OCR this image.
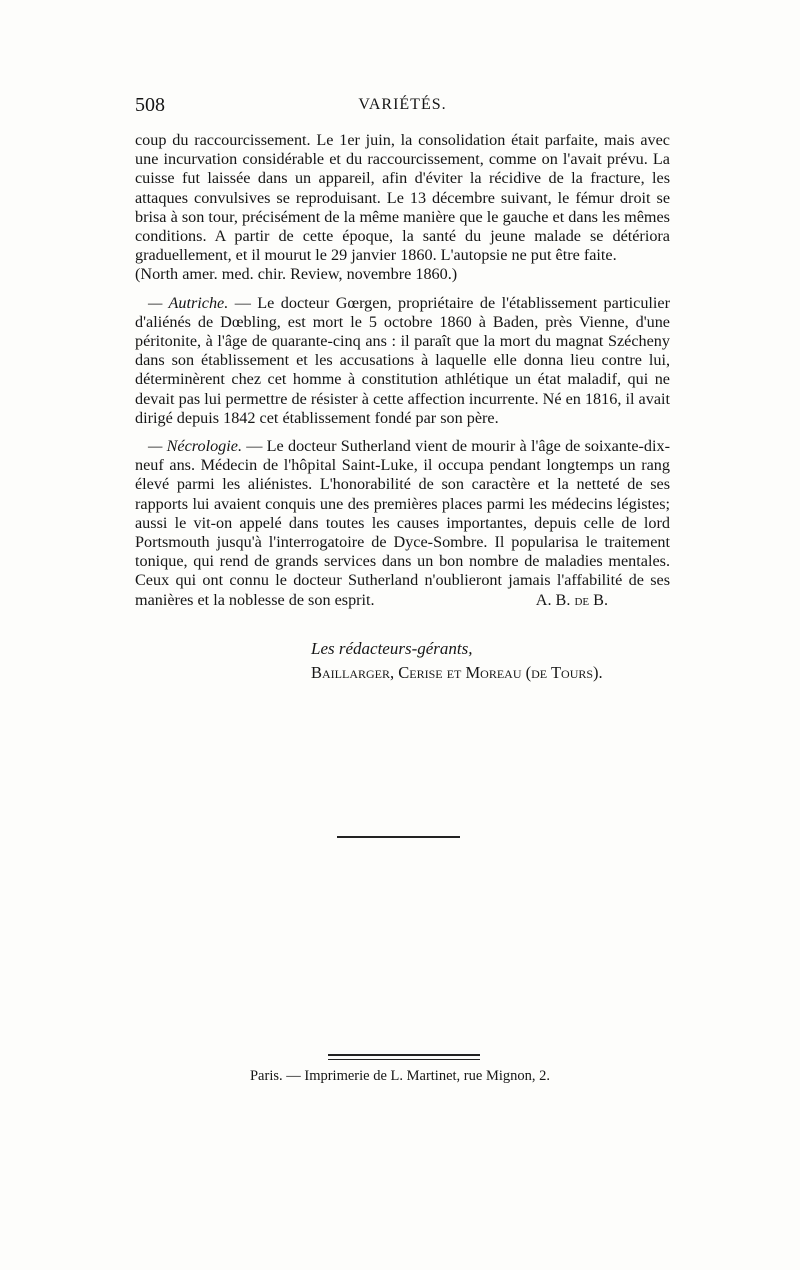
508	VARIÉTÉS.

coup du raccourcissement. Le 1er juin, la consolidation était parfaite, mais avec une incurvation considérable et du raccourcissement, comme on l'avait prévu. La cuisse fut laissée dans un appareil, afin d'éviter la récidive de la fracture, les attaques convulsives se reproduisant. Le 13 décembre suivant, le fémur droit se brisa à son tour, précisément de la même manière que le gauche et dans les mêmes conditions. A partir de cette époque, la santé du jeune malade se détériora graduellement, et il mourut le 29 janvier 1860. L'autopsie ne put être faite.

(North amer. med. chir. Review, novembre 1860.)

— Autriche. — Le docteur Gœrgen, propriétaire de l'établissement particulier d'aliénés de Dœbling, est mort le 5 octobre 1860 à Baden, près Vienne, d'une péritonite, à l'âge de quarante-cinq ans : il paraît que la mort du magnat Szécheny dans son établissement et les accusations à laquelle elle donna lieu contre lui, déterminèrent chez cet homme à constitution athlétique un état maladif, qui ne devait pas lui permettre de résister à cette affection incurrente. Né en 1816, il avait dirigé depuis 1842 cet établissement fondé par son père.

— Nécrologie. — Le docteur Sutherland vient de mourir à l'âge de soixante-dix-neuf ans. Médecin de l'hôpital Saint-Luke, il occupa pendant longtemps un rang élevé parmi les aliénistes. L'honorabilité de son caractère et la netteté de ses rapports lui avaient conquis une des premières places parmi les médecins légistes; aussi le vit-on appelé dans toutes les causes importantes, depuis celle de lord Portsmouth jusqu'à l'interrogatoire de Dyce-Sombre. Il popularisa le traitement tonique, qui rend de grands services dans un bon nombre de maladies mentales. Ceux qui ont connu le docteur Sutherland n'oublieront jamais l'affabilité de ses manières et la noblesse de son esprit.	A. B. de B.

Les rédacteurs-gérants,
Baillarger, Cerise et Moreau (de Tours).
Paris. — Imprimerie de L. Martinet, rue Mignon, 2.
